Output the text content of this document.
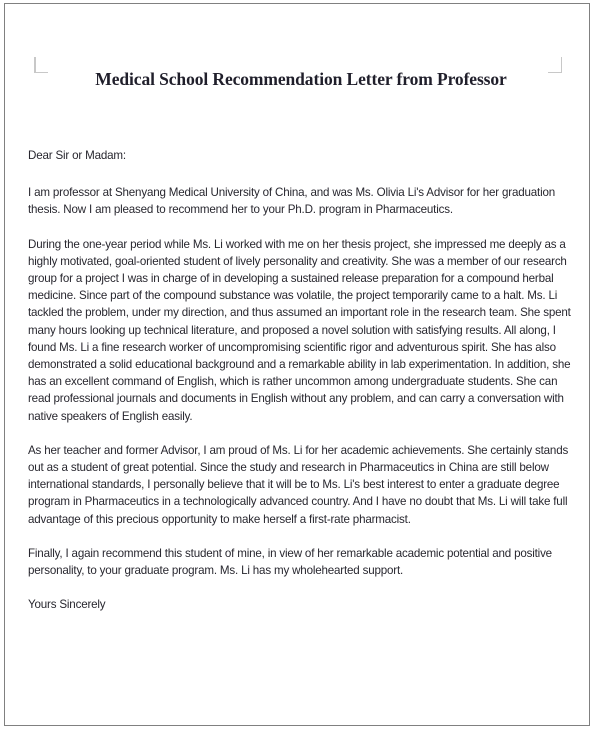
Medical School Recommendation Letter from Professor

Dear Sir or Madam:

I am professor at Shenyang Medical University of China, and was Ms. Olivia Li's Advisor for her graduation thesis. Now I am pleased to recommend her to your Ph.D. program in Pharmaceutics.

During the one-year period while Ms. Li worked with me on her thesis project, she impressed me deeply as a highly motivated, goal-oriented student of lively personality and creativity. She was a member of our research group for a project I was in charge of in developing a sustained release preparation for a compound herbal medicine. Since part of the compound substance was volatile, the project temporarily came to a halt. Ms. Li tackled the problem, under my direction, and thus assumed an important role in the research team. She spent many hours looking up technical literature, and proposed a novel solution with satisfying results. All along, I found Ms. Li a fine research worker of uncompromising scientific rigor and adventurous spirit. She has also demonstrated a solid educational background and a remarkable ability in lab experimentation. In addition, she has an excellent command of English, which is rather uncommon among undergraduate students. She can read professional journals and documents in English without any problem, and can carry a conversation with native speakers of English easily.

As her teacher and former Advisor, I am proud of Ms. Li for her academic achievements. She certainly stands out as a student of great potential. Since the study and research in Pharmaceutics in China are still below international standards, I personally believe that it will be to Ms. Li's best interest to enter a graduate degree program in Pharmaceutics in a technologically advanced country. And I have no doubt that Ms. Li will take full advantage of this precious opportunity to make herself a first-rate pharmacist.

Finally, I again recommend this student of mine, in view of her remarkable academic potential and positive personality, to your graduate program. Ms. Li has my wholehearted support.

Yours Sincerely
